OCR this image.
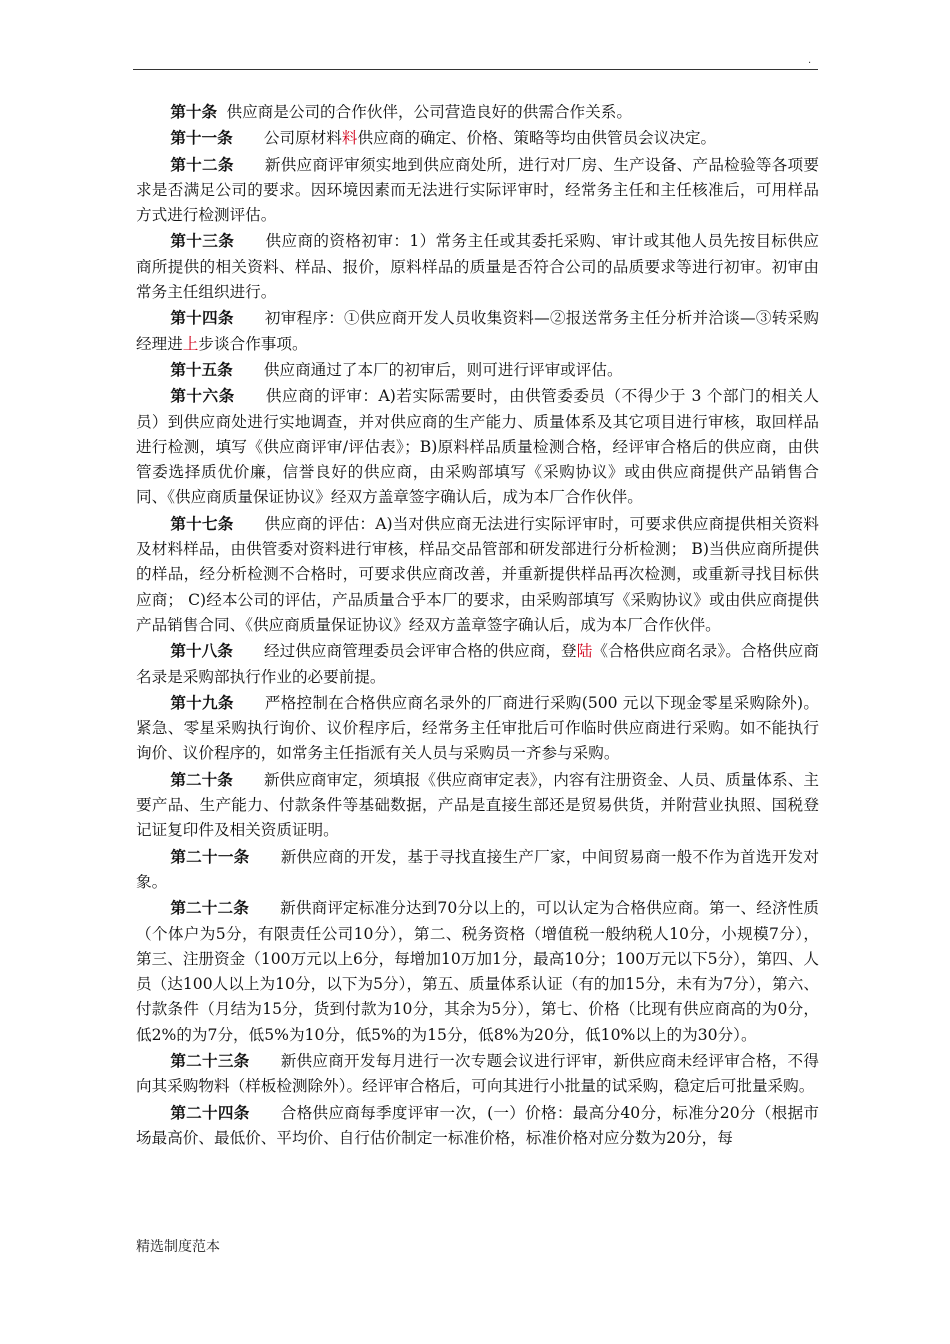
.

第十条 供应商是公司的合作伙伴，公司营造良好的供需合作关系。

第十一条 公司原材料料供应商的确定、价格、策略等均由供管员会议决定。

第十二条 新供应商评审须实地到供应商处所，进行对厂房、生产设备、产品检验等各项要求是否满足公司的要求。因环境因素而无法进行实际评审时，经常务主任和主任核准后，可用样品方式进行检测评估。

第十三条 供应商的资格初审：1）常务主任或其委托采购、审计或其他人员先按目标供应商所提供的相关资料、样品、报价，原料样品的质量是否符合公司的品质要求等进行初审。初审由常务主任组织进行。

第十四条 初审程序：①供应商开发人员收集资料—②报送常务主任分析并洽谈—③转采购经理进上步谈合作事项。

第十五条 供应商通过了本厂的初审后，则可进行评审或评估。

第十六条 供应商的评审：A)若实际需要时，由供管委委员（不得少于 3 个部门的相关人员）到供应商处进行实地调查，并对供应商的生产能力、质量体系及其它项目进行审核，取回样品进行检测，填写《供应商评审/评估表》；B)原料样品质量检测合格，经评审合格后的供应商，由供管委选择质优价廉，信誉良好的供应商，由采购部填写《采购协议》或由供应商提供产品销售合同、《供应商质量保证协议》经双方盖章签字确认后，成为本厂合作伙伴。

第十七条 供应商的评估：A)当对供应商无法进行实际评审时，可要求供应商提供相关资料及材料样品，由供管委对资料进行审核，样品交品管部和研发部进行分析检测； B)当供应商所提供的样品，经分析检测不合格时，可要求供应商改善，并重新提供样品再次检测，或重新寻找目标供应商； C)经本公司的评估，产品质量合乎本厂的要求，由采购部填写《采购协议》或由供应商提供产品销售合同、《供应商质量保证协议》经双方盖章签字确认后，成为本厂合作伙伴。

第十八条 经过供应商管理委员会评审合格的供应商，登陆《合格供应商名录》。合格供应商名录是采购部执行作业的必要前提。

第十九条 严格控制在合格供应商名录外的厂商进行采购(500 元以下现金零星采购除外)。紧急、零星采购执行询价、议价程序后，经常务主任审批后可作临时供应商进行采购。如不能执行询价、议价程序的，如常务主任指派有关人员与采购员一齐参与采购。

第二十条 新供应商审定，须填报《供应商审定表》，内容有注册资金、人员、质量体系、主要产品、生产能力、付款条件等基础数据，产品是直接生部还是贸易供货，并附营业执照、国税登记证复印件及相关资质证明。

第二十一条 新供应商的开发，基于寻找直接生产厂家，中间贸易商一般不作为首选开发对象。

第二十二条 新供商评定标准分达到70分以上的，可以认定为合格供应商。第一、经济性质（个体户为5分，有限责任公司10分），第二、税务资格（增值税一般纳税人10分，小规模7分），第三、注册资金（100万元以上6分，每增加10万加1分，最高10分；100万元以下5分），第四、人员（达100人以上为10分，以下为5分），第五、质量体系认证（有的加15分，未有为7分），第六、付款条件（月结为15分，货到付款为10分，其余为5分），第七、价格（比现有供应商高的为0分，低2%的为7分，低5%为10分，低5%的为15分，低8%为20分，低10%以上的为30分）。

第二十三条 新供应商开发每月进行一次专题会议进行评审，新供应商未经评审合格，不得向其采购物料（样板检测除外）。经评审合格后，可向其进行小批量的试采购，稳定后可批量采购。

第二十四条 合格供应商每季度评审一次，(一）价格：最高分40分，标准分20分（根据市场最高价、最低价、平均价、自行估价制定一标准价格，标准价格对应分数为20分，每

精选制度范本
